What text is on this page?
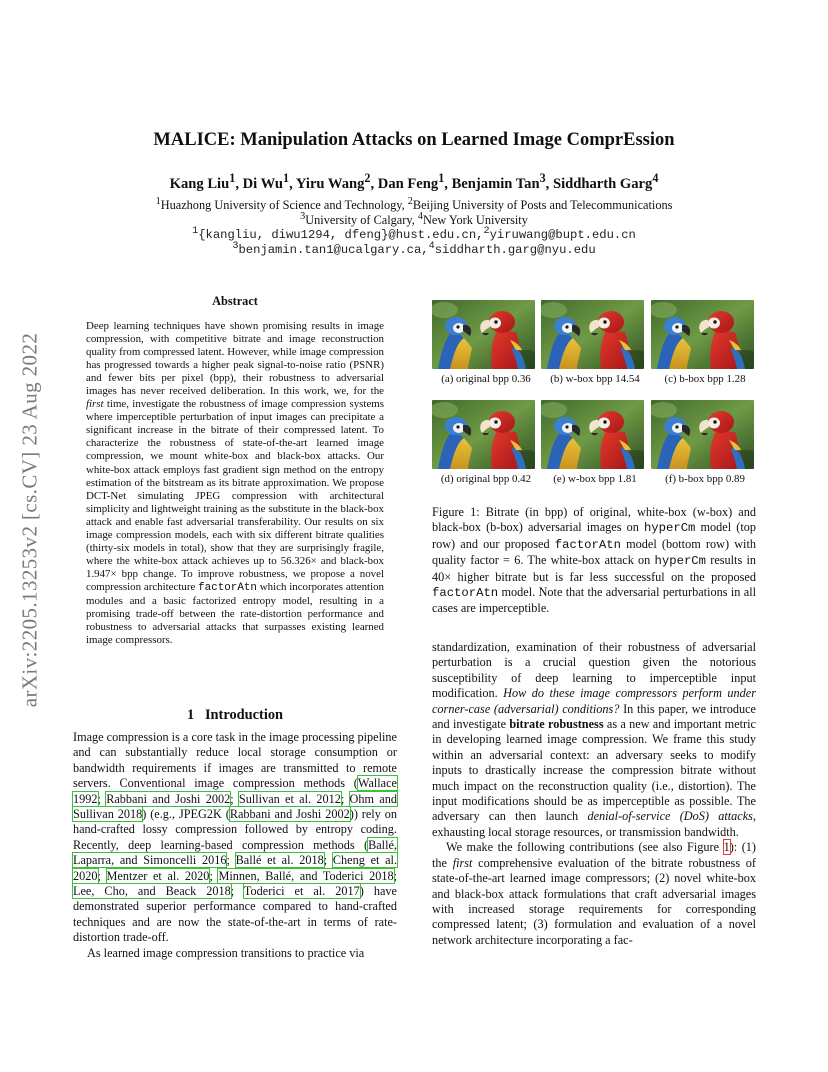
arXiv:2205.13253v2 [cs.CV] 23 Aug 2022
MALICE: Manipulation Attacks on Learned Image ComprEssion
Kang Liu$^1$, Di Wu$^1$, Yiru Wang$^2$, Dan Feng$^1$, Benjamin Tan$^3$, Siddharth Garg$^4$
$^1$Huazhong University of Science and Technology, $^2$Beijing University of Posts and Telecommunications
$^3$University of Calgary, $^4$New York University
$^1${kangliu, diwu1294, dfeng}@hust.edu.cn,$^2$yiruwang@bupt.edu.cn
$^3$benjamin.tan1@ucalgary.ca,$^4$siddharth.garg@nyu.edu
Abstract
Deep learning techniques have shown promising results in image compression, with competitive bitrate and image reconstruction quality from compressed latent. However, while image compression has progressed towards a higher peak signal-to-noise ratio (PSNR) and fewer bits per pixel (bpp), their robustness to adversarial images has never received deliberation. In this work, we, for the first time, investigate the robustness of image compression systems where imperceptible perturbation of input images can precipitate a significant increase in the bitrate of their compressed latent. To characterize the robustness of state-of-the-art learned image compression, we mount white-box and black-box attacks. Our white-box attack employs fast gradient sign method on the entropy estimation of the bitstream as its bitrate approximation. We propose DCT-Net simulating JPEG compression with architectural simplicity and lightweight training as the substitute in the black-box attack and enable fast adversarial transferability. Our results on six image compression models, each with six different bitrate qualities (thirty-six models in total), show that they are surprisingly fragile, where the white-box attack achieves up to 56.326× and black-box 1.947× bpp change. To improve robustness, we propose a novel compression architecture factorAtn which incorporates attention modules and a basic factorized entropy model, resulting in a promising trade-off between the rate-distortion performance and robustness to adversarial attacks that surpasses existing learned image compressors.
1 Introduction

Image compression is a core task in the image processing pipeline and can substantially reduce local storage consumption or bandwidth requirements if images are transmitted to remote servers. Conventional image compression methods (Wallace 1992; Rabbani and Joshi 2002; Sullivan et al. 2012; Ohm and Sullivan 2018) (e.g., JPEG2K (Rabbani and Joshi 2002)) rely on hand-crafted lossy compression followed by entropy coding. Recently, deep learning-based compression methods (Ballé, Laparra, and Simoncelli 2016; Ballé et al. 2018; Cheng et al. 2020; Mentzer et al. 2020; Minnen, Ballé, and Toderici 2018; Lee, Cho, and Beack 2018; Toderici et al. 2017) have demonstrated superior performance compared to hand-crafted techniques and are now the state-of-the-art in terms of rate-distortion trade-off.

As learned image compression transitions to practice via

(a) original bpp 0.36	(b) w-box bpp 14.54	(c) b-box bpp 1.28
(d) original bpp 0.42	(e) w-box bpp 1.81	(f) b-box bpp 0.89
Figure 1: Bitrate (in bpp) of original, white-box (w-box) and black-box (b-box) adversarial images on hyperCm model (top row) and our proposed factorAtn model (bottom row) with quality factor = 6. The white-box attack on hyperCm results in 40× higher bitrate but is far less successful on the proposed factorAtn model. Note that the adversarial perturbations in all cases are imperceptible.

standardization, examination of their robustness of adversarial perturbation is a crucial question given the notorious susceptibility of deep learning to imperceptible input modification. How do these image compressors perform under corner-case (adversarial) conditions? In this paper, we introduce and investigate bitrate robustness as a new and important metric in developing learned image compression. We frame this study within an adversarial context: an adversary seeks to modify inputs to drastically increase the compression bitrate without much impact on the reconstruction quality (i.e., distortion). The input modifications should be as imperceptible as possible. The adversary can then launch denial-of-service (DoS) attacks, exhausting local storage resources, or transmission bandwidth.

We make the following contributions (see also Figure 1): (1) the first comprehensive evaluation of the bitrate robustness of state-of-the-art learned image compressors; (2) novel white-box and black-box attack formulations that craft adversarial images with increased storage requirements for corresponding compressed latent; (3) formulation and evaluation of a novel network architecture incorporating a fac-
